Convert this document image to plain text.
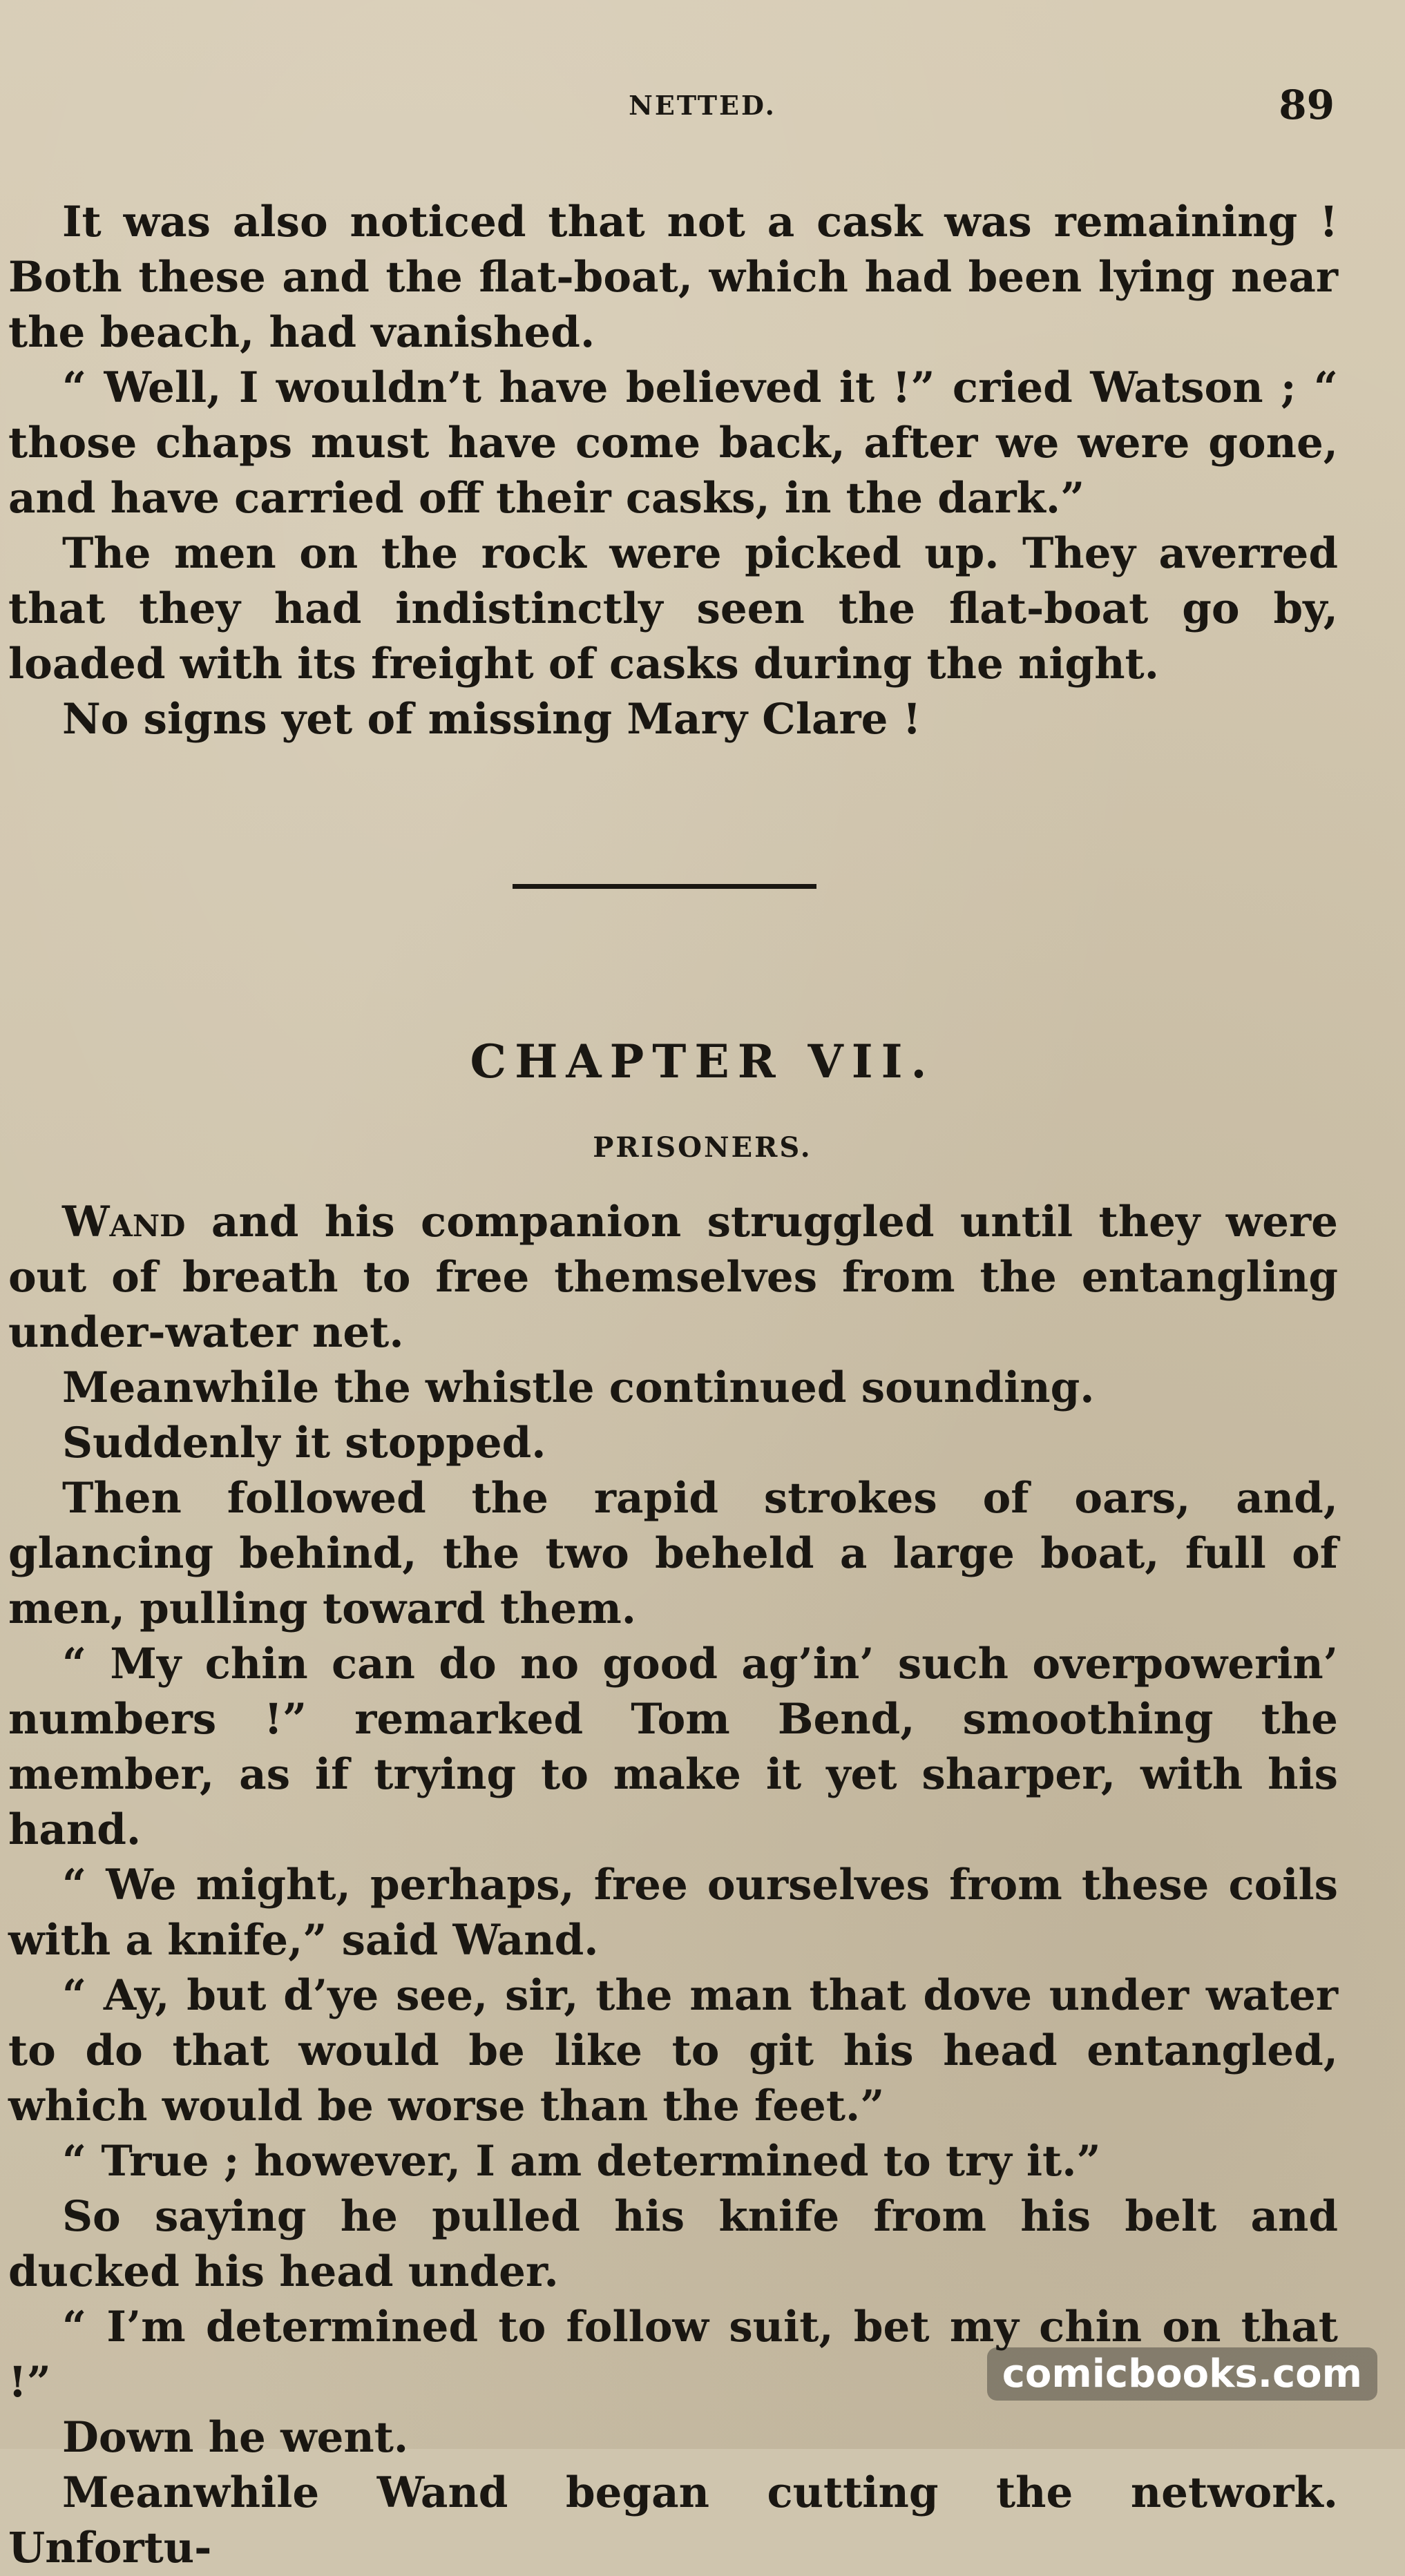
NETTED.	89

It was also noticed that not a cask was remaining ! Both these and the flat-boat, which had been lying near the beach, had vanished.

“ Well, I wouldn’t have believed it !” cried Watson ; “ those chaps must have come back, after we were gone, and have carried off their casks, in the dark.”

The men on the rock were picked up. They averred that they had indistinctly seen the flat-boat go by, loaded with its freight of casks during the night.

No signs yet of missing Mary Clare !

CHAPTER VII.
PRISONERS.

Wand and his companion struggled until they were out of breath to free themselves from the entangling under-water net.

Meanwhile the whistle continued sounding.

Suddenly it stopped.

Then followed the rapid strokes of oars, and, glancing behind, the two beheld a large boat, full of men, pulling toward them.

“ My chin can do no good ag’in’ such overpowerin’ numbers !” remarked Tom Bend, smoothing the member, as if trying to make it yet sharper, with his hand.

“ We might, perhaps, free ourselves from these coils with a knife,” said Wand.

“ Ay, but d’ye see, sir, the man that dove under water to do that would be like to git his head entangled, which would be worse than the feet.”

“ True ; however, I am determined to try it.”

So saying he pulled his knife from his belt and ducked his head under.

“ I’m determined to follow suit, bet my chin on that !”

Down he went.

Meanwhile Wand began cutting the network. Unfortu-

comicbooks.com
